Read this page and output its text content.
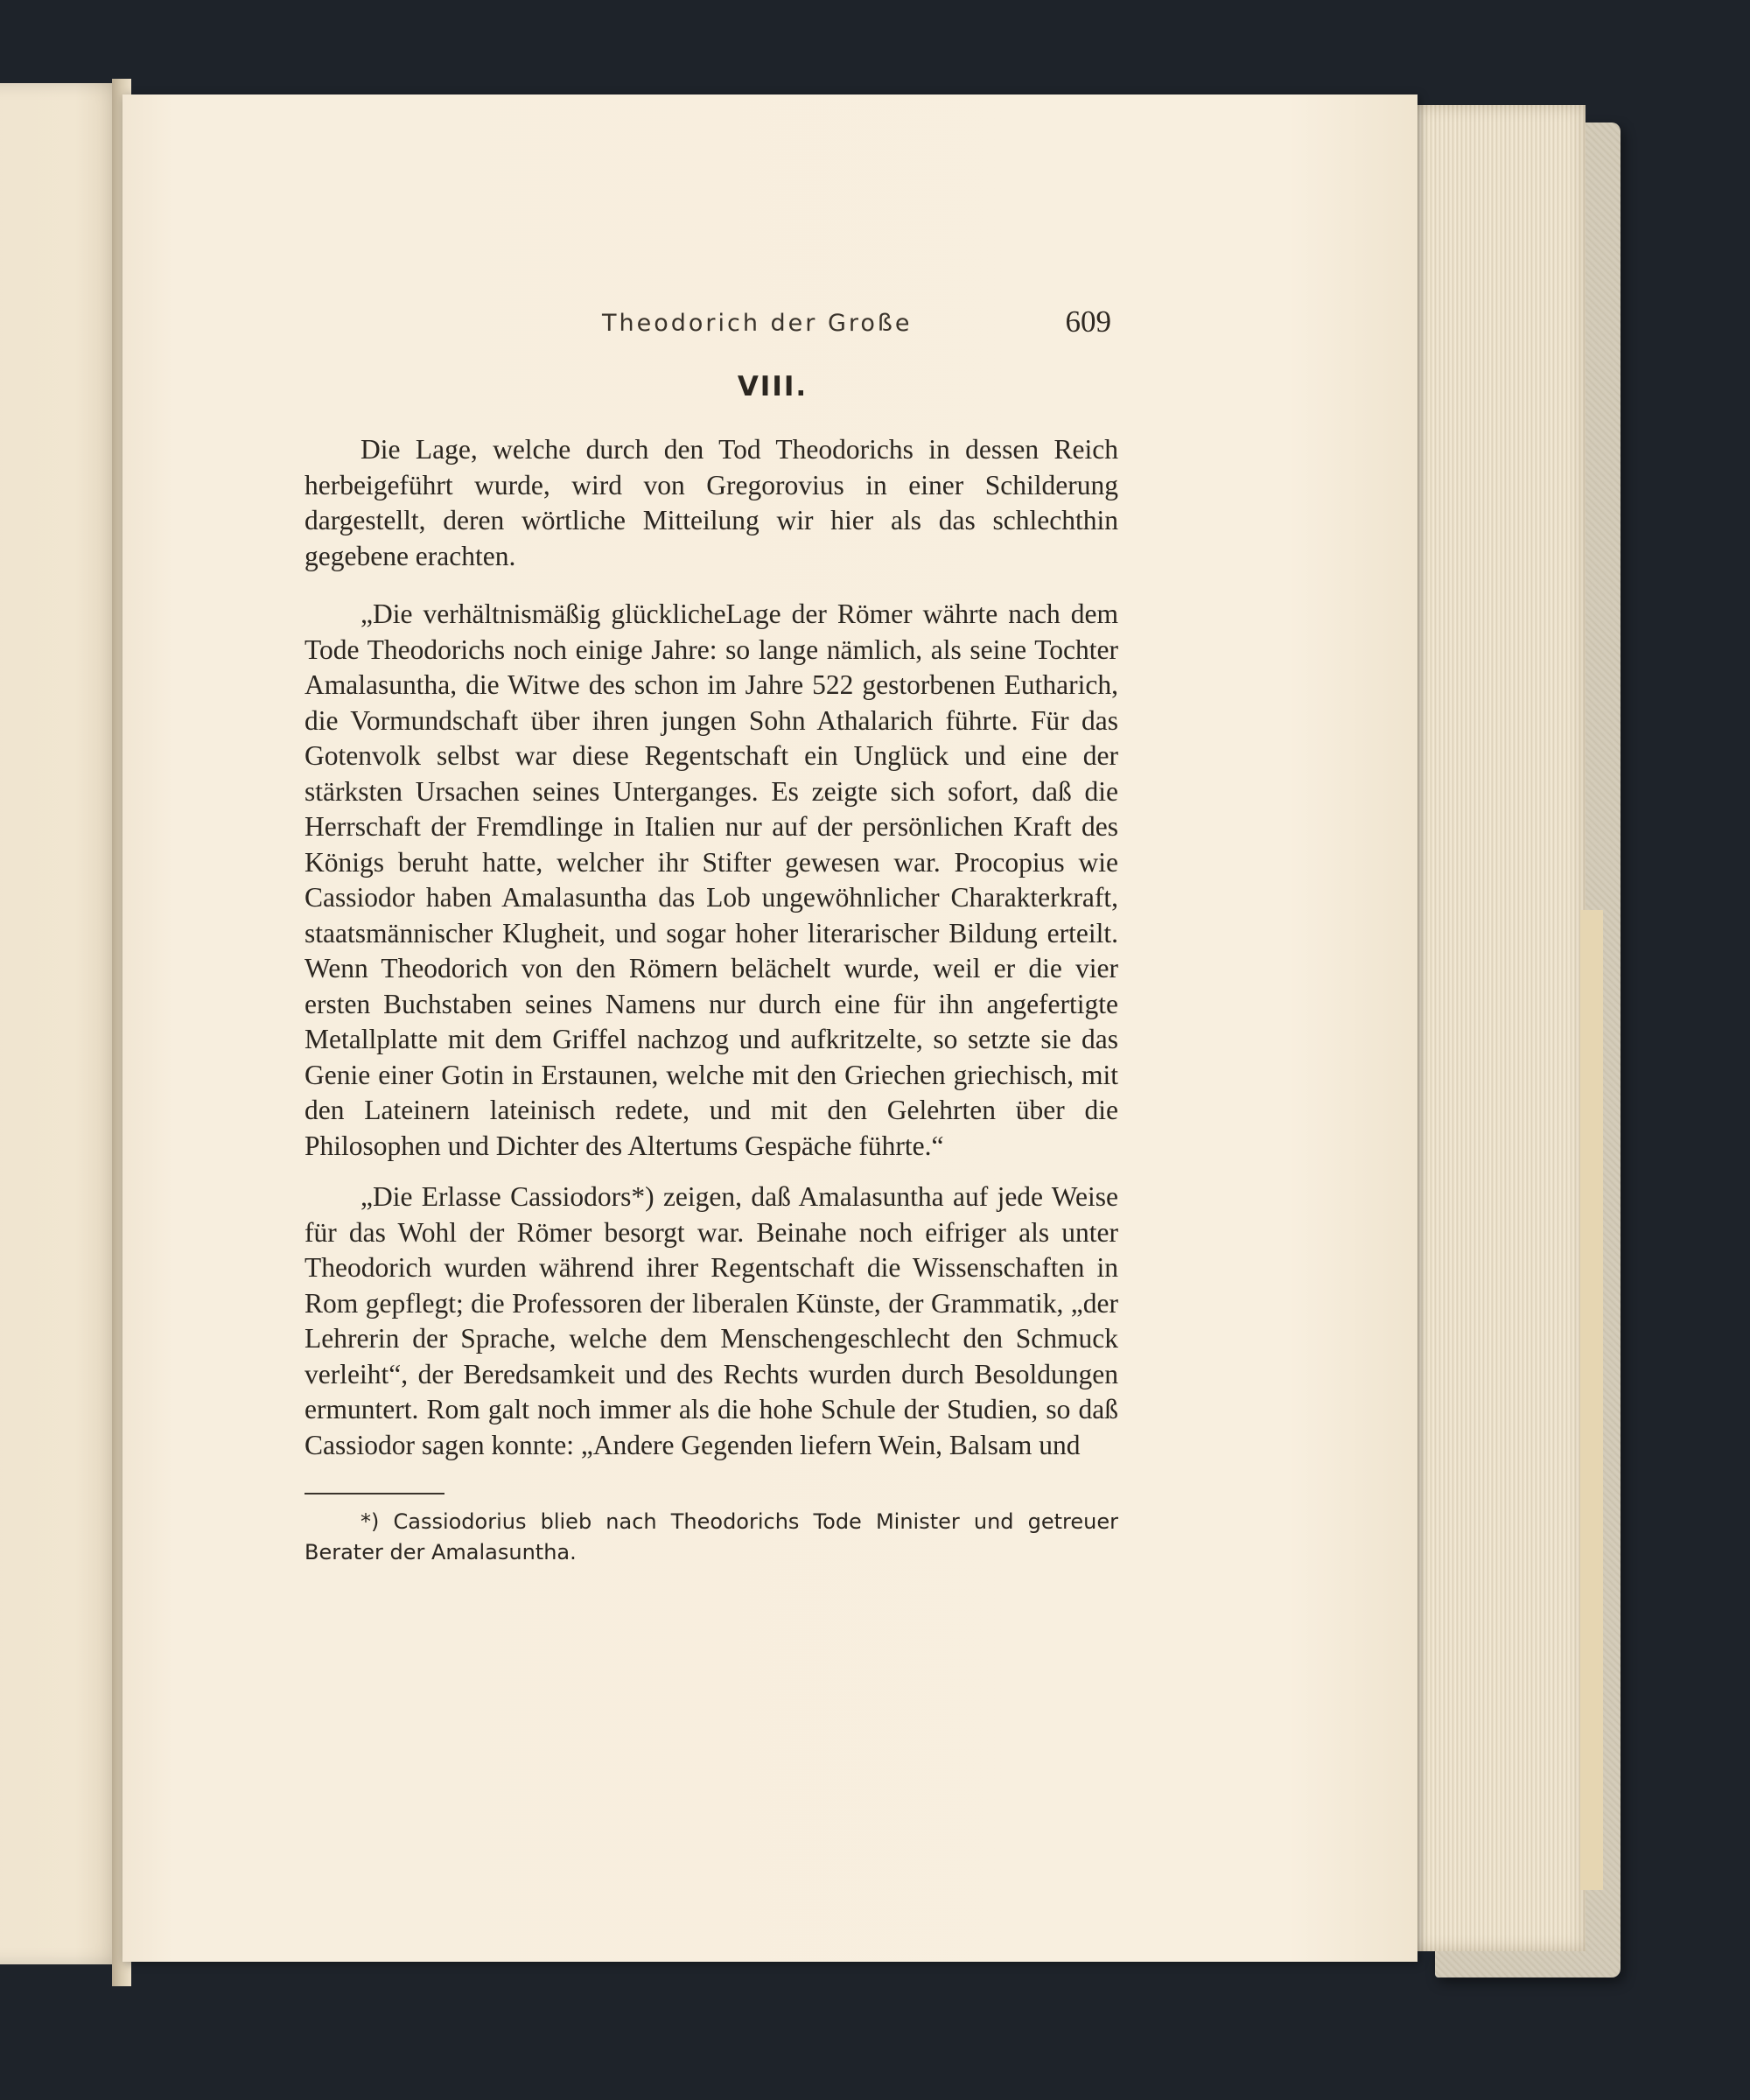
Theodorich der Große	609
VIII.

Die Lage, welche durch den Tod Theodorichs in dessen Reich herbeigeführt wurde, wird von Gregorovius in einer Schilderung dargestellt, deren wörtliche Mitteilung wir hier als das schlechthin gegebene erachten.

„Die verhältnismäßig glücklicheLage der Römer währte nach dem Tode Theodorichs noch einige Jahre: so lange nämlich, als seine Tochter Amalasuntha, die Witwe des schon im Jahre 522 gestorbenen Eutharich, die Vormundschaft über ihren jungen Sohn Athalarich führte. Für das Gotenvolk selbst war diese Regentschaft ein Unglück und eine der stärksten Ursachen seines Unterganges. Es zeigte sich sofort, daß die Herrschaft der Fremdlinge in Italien nur auf der persönlichen Kraft des Königs beruht hatte, welcher ihr Stifter gewesen war. Procopius wie Cassiodor haben Amalasuntha das Lob ungewöhnlicher Charakterkraft, staatsmännischer Klugheit, und sogar hoher literarischer Bildung erteilt. Wenn Theodorich von den Römern belächelt wurde, weil er die vier ersten Buchstaben seines Namens nur durch eine für ihn angefertigte Metallplatte mit dem Griffel nachzog und aufkritzelte, so setzte sie das Genie einer Gotin in Erstaunen, welche mit den Griechen griechisch, mit den Lateinern lateinisch redete, und mit den Gelehrten über die Philosophen und Dichter des Altertums Gespäche führte.“

„Die Erlasse Cassiodors*) zeigen, daß Amalasuntha auf jede Weise für das Wohl der Römer besorgt war. Beinahe noch eifriger als unter Theodorich wurden während ihrer Regentschaft die Wissenschaften in Rom gepflegt; die Professoren der liberalen Künste, der Grammatik, „der Lehrerin der Sprache, welche dem Menschengeschlecht den Schmuck verleiht“, der Beredsamkeit und des Rechts wurden durch Besoldungen ermuntert. Rom galt noch immer als die hohe Schule der Studien, so daß Cassiodor sagen konnte: „Andere Gegenden liefern Wein, Balsam und

*) Cassiodorius blieb nach Theodorichs Tode Minister und getreuer Berater der Amalasuntha.
